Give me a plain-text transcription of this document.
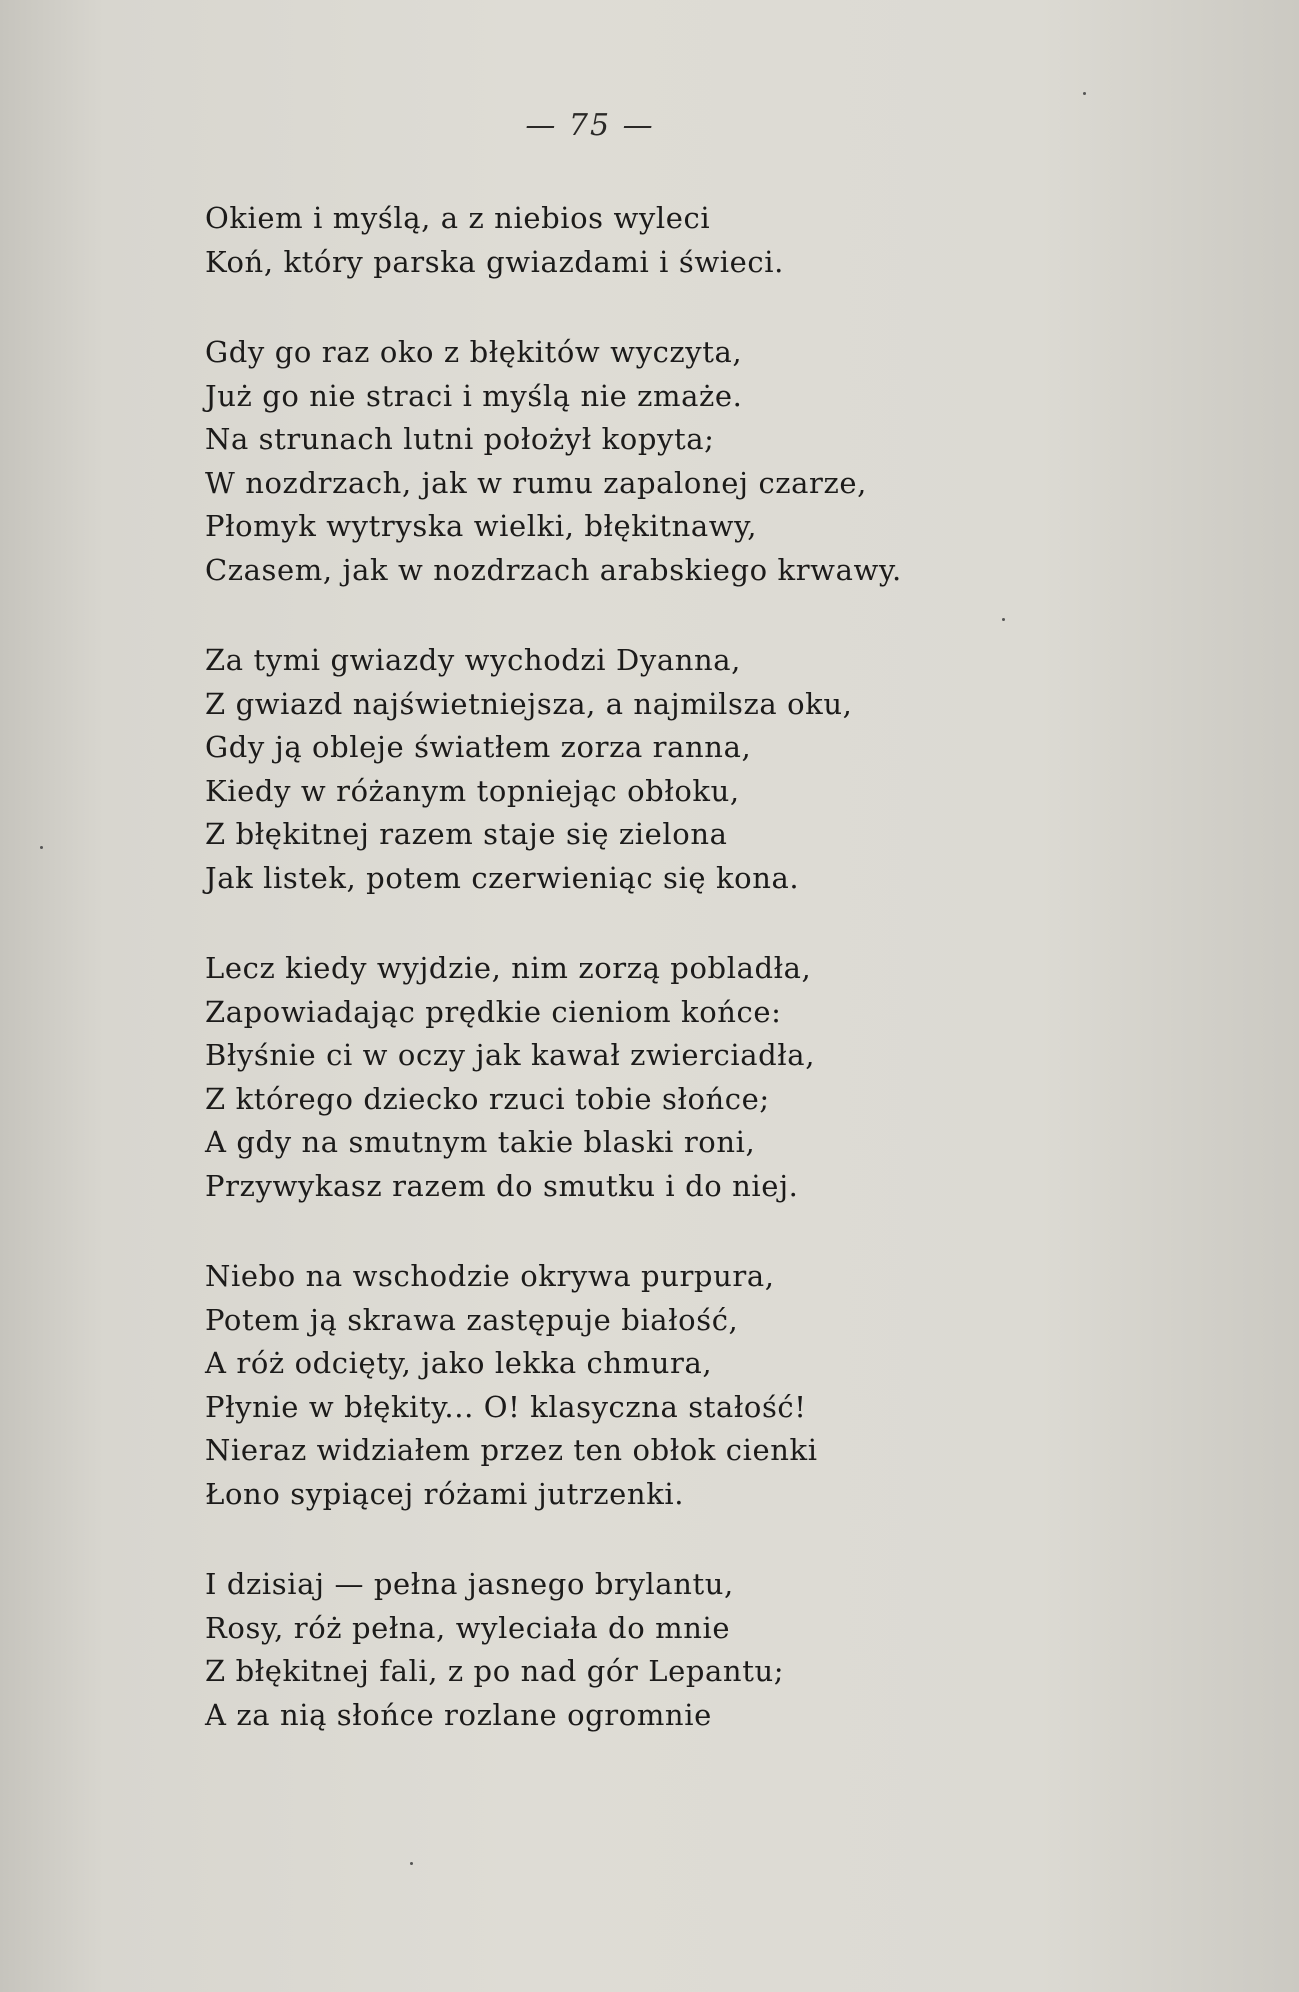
— 75 —
Okiem i myślą, a z niebios wyleci
Koń, który parska gwiazdami i świeci.
Gdy go raz oko z błękitów wyczyta,
Już go nie straci i myślą nie zmaże.
Na strunach lutni położył kopyta;
W nozdrzach, jak w rumu zapalonej czarze,
Płomyk wytryska wielki, błękitnawy,
Czasem, jak w nozdrzach arabskiego krwawy.
Za tymi gwiazdy wychodzi Dyanna,
Z gwiazd najświetniejsza, a najmilsza oku,
Gdy ją obleje światłem zorza ranna,
Kiedy w różanym topniejąc obłoku,
Z błękitnej razem staje się zielona
Jak listek, potem czerwieniąc się kona.
Lecz kiedy wyjdzie, nim zorzą pobladła,
Zapowiadając prędkie cieniom końce:
Błyśnie ci w oczy jak kawał zwierciadła,
Z którego dziecko rzuci tobie słońce;
A gdy na smutnym takie blaski roni,
Przywykasz razem do smutku i do niej.
Niebo na wschodzie okrywa purpura,
Potem ją skrawa zastępuje białość,
A róż odcięty, jako lekka chmura,
Płynie w błękity... O! klasyczna stałość!
Nieraz widziałem przez ten obłok cienki
Łono sypiącej różami jutrzenki.
I dzisiaj — pełna jasnego brylantu,
Rosy, róż pełna, wyleciała do mnie
Z błękitnej fali, z po nad gór Lepantu;
A za nią słońce rozlane ogromnie
